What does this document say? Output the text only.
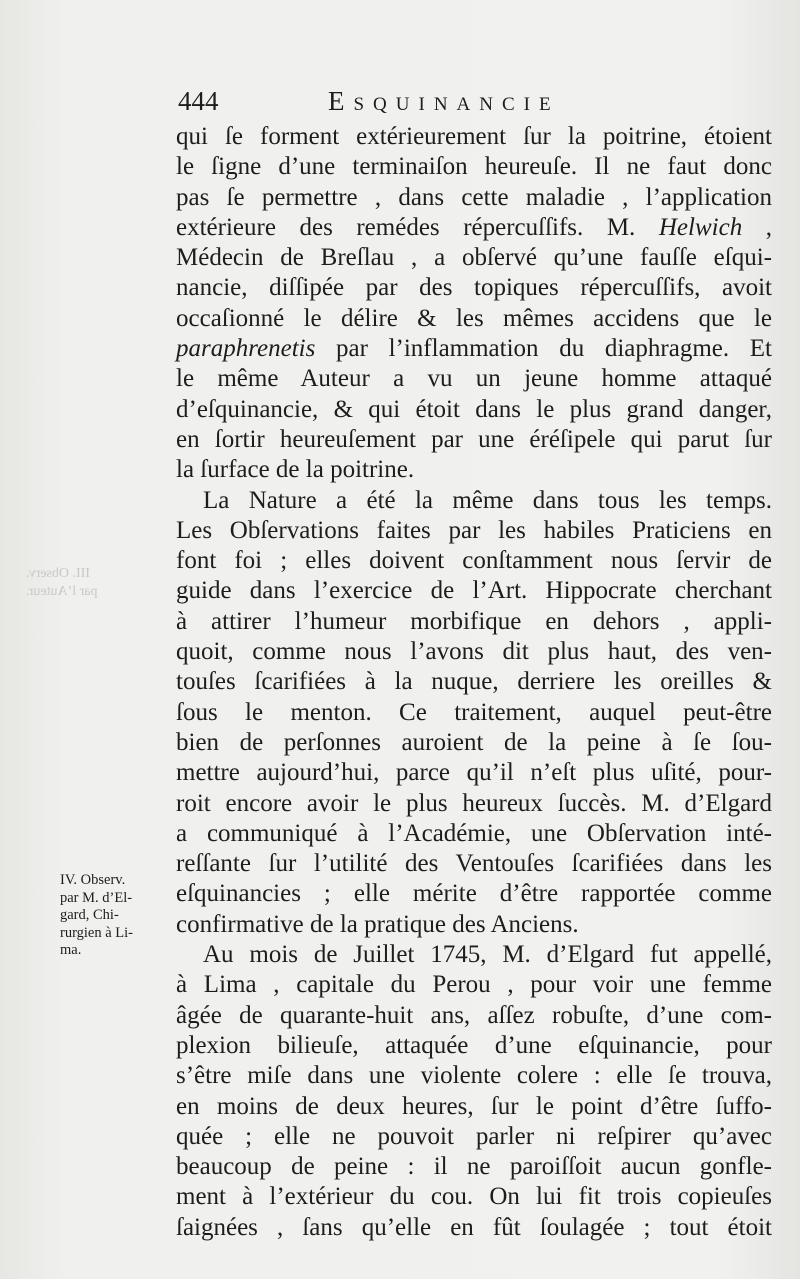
444	Esquinancie
qui ſe forment extérieurement ſur la poitrine, étoient
le ſigne d’une terminaiſon heureuſe. Il ne faut donc
pas ſe permettre , dans cette maladie , l’application
extérieure des remédes répercuſſifs. M. Helwich ,
Médecin de Breſlau , a obſervé qu’une fauſſe eſqui-
nancie, diſſipée par des topiques répercuſſifs, avoit
occaſionné le délire & les mêmes accidens que le
paraphrenetis par l’inflammation du diaphragme. Et
le même Auteur a vu un jeune homme attaqué
d’eſquinancie, & qui étoit dans le plus grand danger,
en ſortir heureuſement par une éréſipele qui parut ſur
la ſurface de la poitrine.
La Nature a été la même dans tous les temps.
Les Obſervations faites par les habiles Praticiens en
font foi ; elles doivent conſtamment nous ſervir de
guide dans l’exercice de l’Art. Hippocrate cherchant
à attirer l’humeur morbifique en dehors , appli-
quoit, comme nous l’avons dit plus haut, des ven-
touſes ſcarifiées à la nuque, derriere les oreilles &
ſous le menton. Ce traitement, auquel peut-être
bien de perſonnes auroient de la peine à ſe ſou-
mettre aujourd’hui, parce qu’il n’eſt plus uſité, pour-
roit encore avoir le plus heureux ſuccès. M. d’Elgard
a communiqué à l’Académie, une Obſervation inté-
reſſante ſur l’utilité des Ventouſes ſcarifiées dans les
eſquinancies ; elle mérite d’être rapportée comme
confirmative de la pratique des Anciens.
Au mois de Juillet 1745, M. d’Elgard fut appellé,
à Lima , capitale du Perou , pour voir une femme
âgée de quarante-huit ans, aſſez robuſte, d’une com-
plexion bilieuſe, attaquée d’une eſquinancie, pour
s’être miſe dans une violente colere : elle ſe trouva,
en moins de deux heures, ſur le point d’être ſuffo-
quée ; elle ne pouvoit parler ni reſpirer qu’avec
beaucoup de peine : il ne paroiſſoit aucun gonfle-
ment à l’extérieur du cou. On lui fit trois copieuſes
ſaignées , ſans qu’elle en fût ſoulagée ; tout étoit
IV. Observ.
par M. d’El-
gard, Chi-
rurgien à Li-
ma.
III. Observ.
par l’Auteur.
